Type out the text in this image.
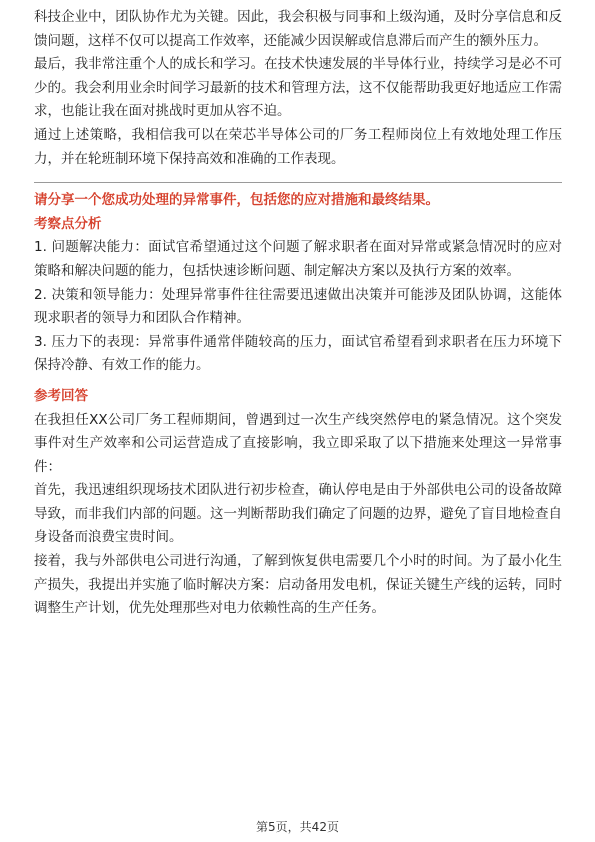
科技企业中，团队协作尤为关键。因此，我会积极与同事和上级沟通，及时分享信息和反馈问题，这样不仅可以提高工作效率，还能减少因误解或信息滞后而产生的额外压力。

最后，我非常注重个人的成长和学习。在技术快速发展的半导体行业，持续学习是必不可少的。我会利用业余时间学习最新的技术和管理方法，这不仅能帮助我更好地适应工作需求，也能让我在面对挑战时更加从容不迫。

通过上述策略，我相信我可以在荣芯半导体公司的厂务工程师岗位上有效地处理工作压力，并在轮班制环境下保持高效和准确的工作表现。

请分享一个您成功处理的异常事件，包括您的应对措施和最终结果。

考察点分析

1. 问题解决能力：面试官希望通过这个问题了解求职者在面对异常或紧急情况时的应对策略和解决问题的能力，包括快速诊断问题、制定解决方案以及执行方案的效率。

2. 决策和领导能力：处理异常事件往往需要迅速做出决策并可能涉及团队协调，这能体现求职者的领导力和团队合作精神。

3. 压力下的表现：异常事件通常伴随较高的压力，面试官希望看到求职者在压力环境下保持冷静、有效工作的能力。

参考回答

在我担任XX公司厂务工程师期间，曾遇到过一次生产线突然停电的紧急情况。这个突发事件对生产效率和公司运营造成了直接影响，我立即采取了以下措施来处理这一异常事件：

首先，我迅速组织现场技术团队进行初步检查，确认停电是由于外部供电公司的设备故障导致，而非我们内部的问题。这一判断帮助我们确定了问题的边界，避免了盲目地检查自身设备而浪费宝贵时间。

接着，我与外部供电公司进行沟通，了解到恢复供电需要几个小时的时间。为了最小化生产损失，我提出并实施了临时解决方案：启动备用发电机，保证关键生产线的运转，同时调整生产计划，优先处理那些对电力依赖性高的生产任务。

第5页，共42页
